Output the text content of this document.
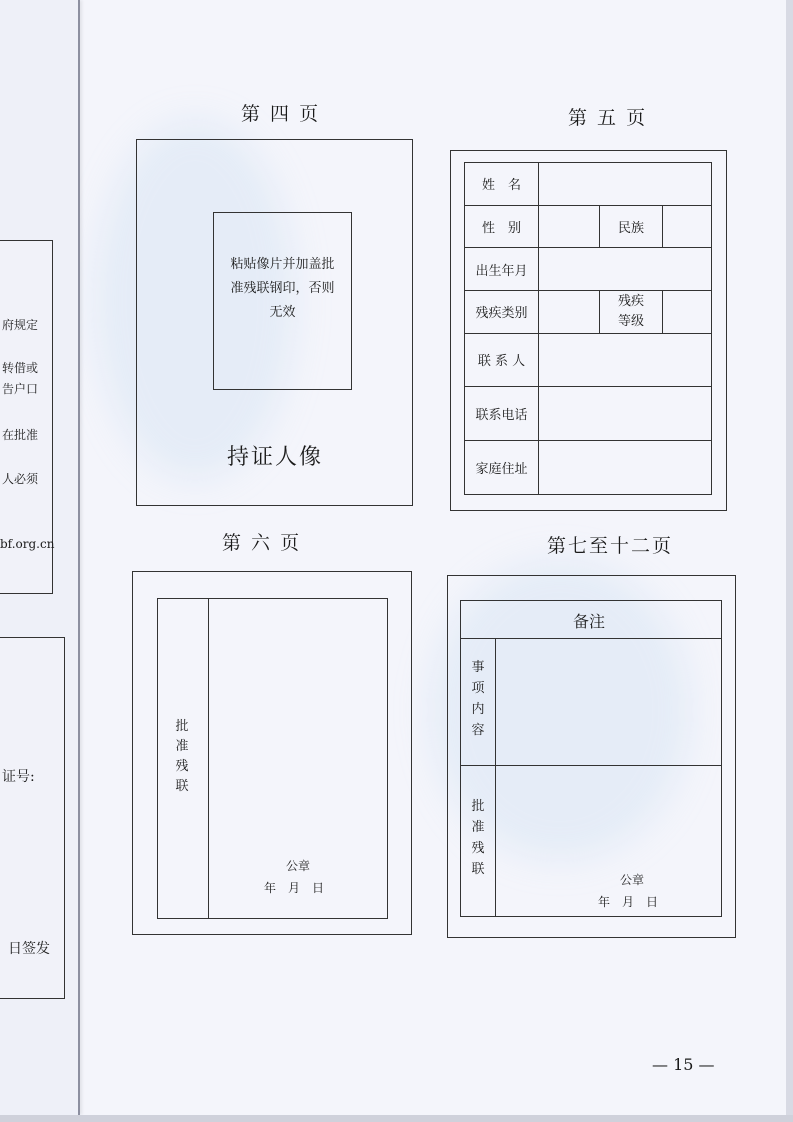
府规定
转借或
告户口
在批准
人必须
bf.org.cn
证号:
日签发
第 四 页
粘贴像片并加盖批准残联钢印，否则无效
持证人像
第 五 页
姓　名			
性　别		民族	
出生年月			
残疾类别		残疾等级	
联 系 人			
联系电话			
家庭住址			
第 六 页
批准残联
公章
年　月　日
第七至十二页
备注
事项内容
批准残联
公章
年　月　日
— 15 —
